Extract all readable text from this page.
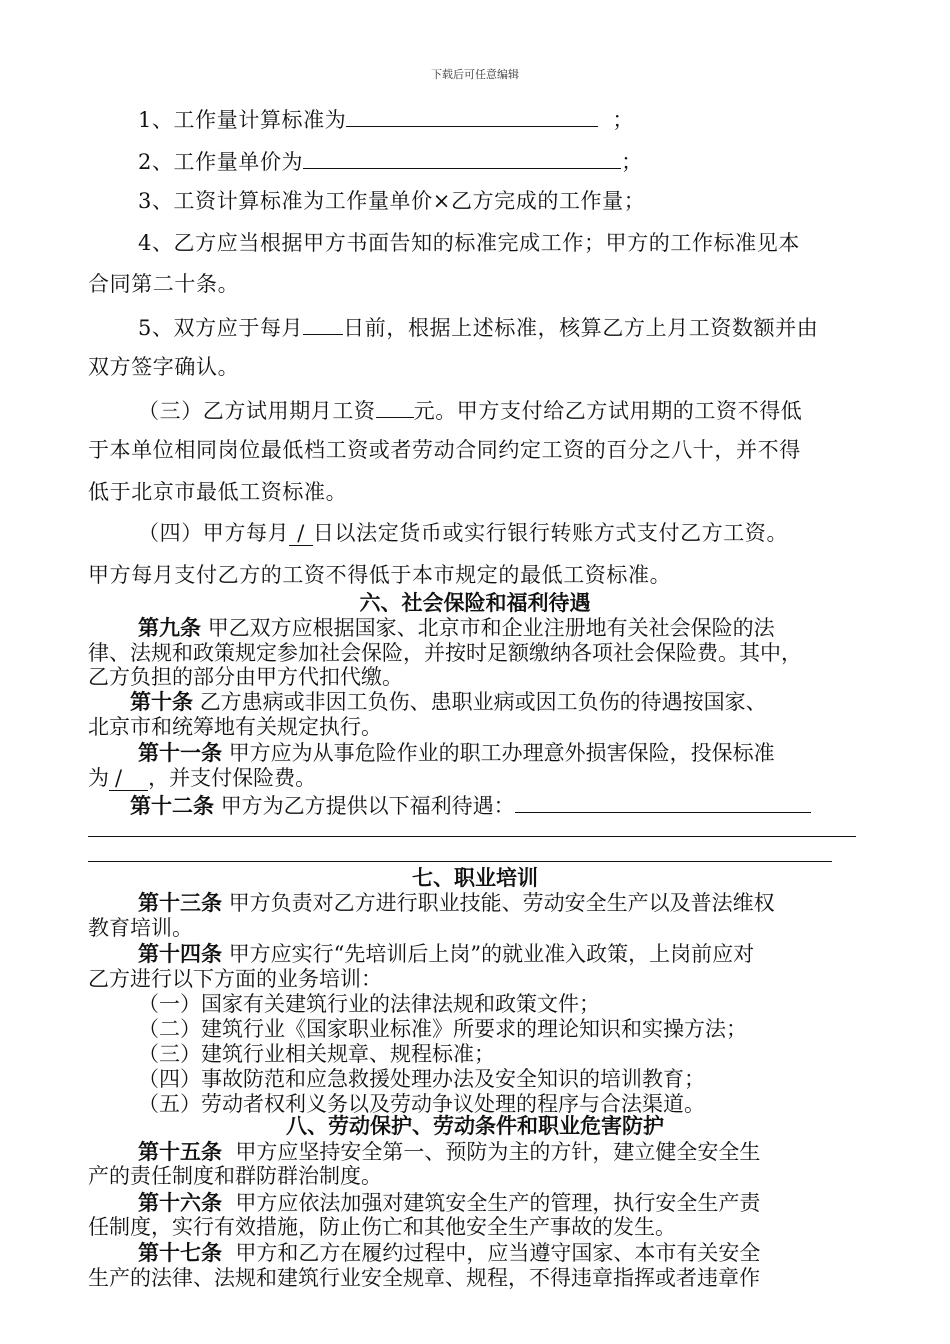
下载后可任意编辑
1、工作量计算标准为	；
2、工作量单价为	；
3、工资计算标准为工作量单价×乙方完成的工作量；
4、乙方应当根据甲方书面告知的标准完成工作；甲方的工作标准见本
合同第二十条。
5、双方应于每月 日前，根据上述标准，核算乙方上月工资数额并由
双方签字确认。
（三）乙方试用期月工资 元。甲方支付给乙方试用期的工资不得低
于本单位相同岗位最低档工资或者劳动合同约定工资的百分之八十，并不得
低于北京市最低工资标准。
（四）甲方每月 / 日以法定货币或实行银行转账方式支付乙方工资。
甲方每月支付乙方的工资不得低于本市规定的最低工资标准。
六、社会保险和福利待遇
第九条 甲乙双方应根据国家、北京市和企业注册地有关社会保险的法
律、法规和政策规定参加社会保险，并按时足额缴纳各项社会保险费。其中，
乙方负担的部分由甲方代扣代缴。
第十条 乙方患病或非因工负伤、患职业病或因工负伤的待遇按国家、
北京市和统筹地有关规定执行。
第十一条 甲方应为从事危险作业的职工办理意外损害保险，投保标准
为 / ，并支付保险费。
第十二条 甲方为乙方提供以下福利待遇：
七、职业培训
第十三条 甲方负责对乙方进行职业技能、劳动安全生产以及普法维权
教育培训。
第十四条 甲方应实行“先培训后上岗”的就业准入政策，上岗前应对
乙方进行以下方面的业务培训：
（一）国家有关建筑行业的法律法规和政策文件；
（二）建筑行业《国家职业标准》所要求的理论知识和实操方法；
（三）建筑行业相关规章、规程标准；
（四）事故防范和应急救援处理办法及安全知识的培训教育；
（五）劳动者权利义务以及劳动争议处理的程序与合法渠道。
八、劳动保护、劳动条件和职业危害防护
第十五条 甲方应坚持安全第一、预防为主的方针，建立健全安全生
产的责任制度和群防群治制度。
第十六条 甲方应依法加强对建筑安全生产的管理，执行安全生产责
任制度，实行有效措施，防止伤亡和其他安全生产事故的发生。
第十七条 甲方和乙方在履约过程中，应当遵守国家、本市有关安全
生产的法律、法规和建筑行业安全规章、规程，不得违章指挥或者违章作
